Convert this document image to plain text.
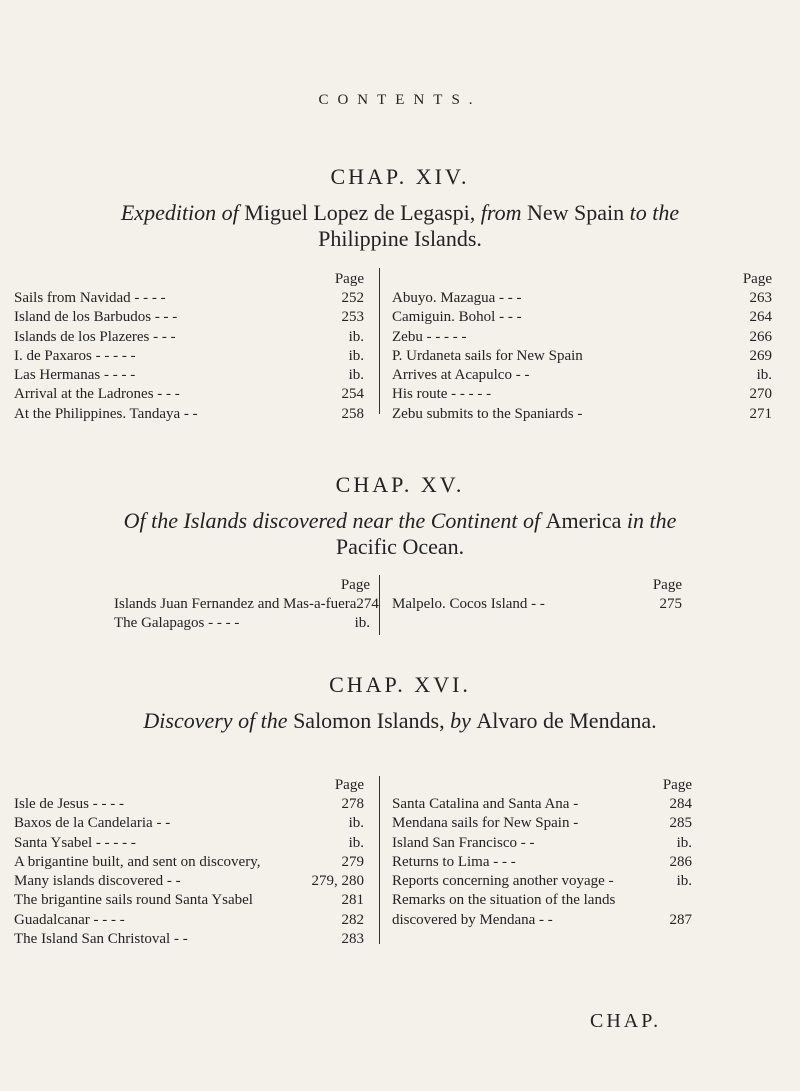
CONTENTS.
CHAP. XIV.
Expedition of Miguel Lopez de Legaspi, from New Spain to the
Philippine Islands.
Page
Sails from Navidad - - - -	252
Island de los Barbudos - - -	253
Islands de los Plazeres - - -	ib.
I. de Paxaros - - - - -	ib.
Las Hermanas - - - -	ib.
Arrival at the Ladrones - - -	254
At the Philippines. Tandaya - -	258
Page
Abuyo. Mazagua - - -	263
Camiguin. Bohol - - -	264
Zebu - - - - -	266
P. Urdaneta sails for New Spain	269
Arrives at Acapulco - -	ib.
His route - - - - -	270
Zebu submits to the Spaniards -	271
CHAP. XV.
Of the Islands discovered near the Continent of America in the
Pacific Ocean.
Page
Islands Juan Fernandez and Mas-a-fuera 274
The Galapagos - - - -	ib.
Page
Malpelo. Cocos Island - -	275
CHAP. XVI.
Discovery of the Salomon Islands, by Alvaro de Mendana.
Page
Isle de Jesus - - - -	278
Baxos de la Candelaria - -	ib.
Santa Ysabel - - - - -	ib.
A brigantine built, and sent on discovery,	279
Many islands discovered - -	279, 280
The brigantine sails round Santa Ysabel	281
Guadalcanar - - - -	282
The Island San Christoval - -	283
Page
Santa Catalina and Santa Ana -	284
Mendana sails for New Spain -	285
Island San Francisco - -	ib.
Returns to Lima - - -	286
Reports concerning another voyage -	ib.
Remarks on the situation of the lands
discovered by Mendana - -	287
CHAP.
